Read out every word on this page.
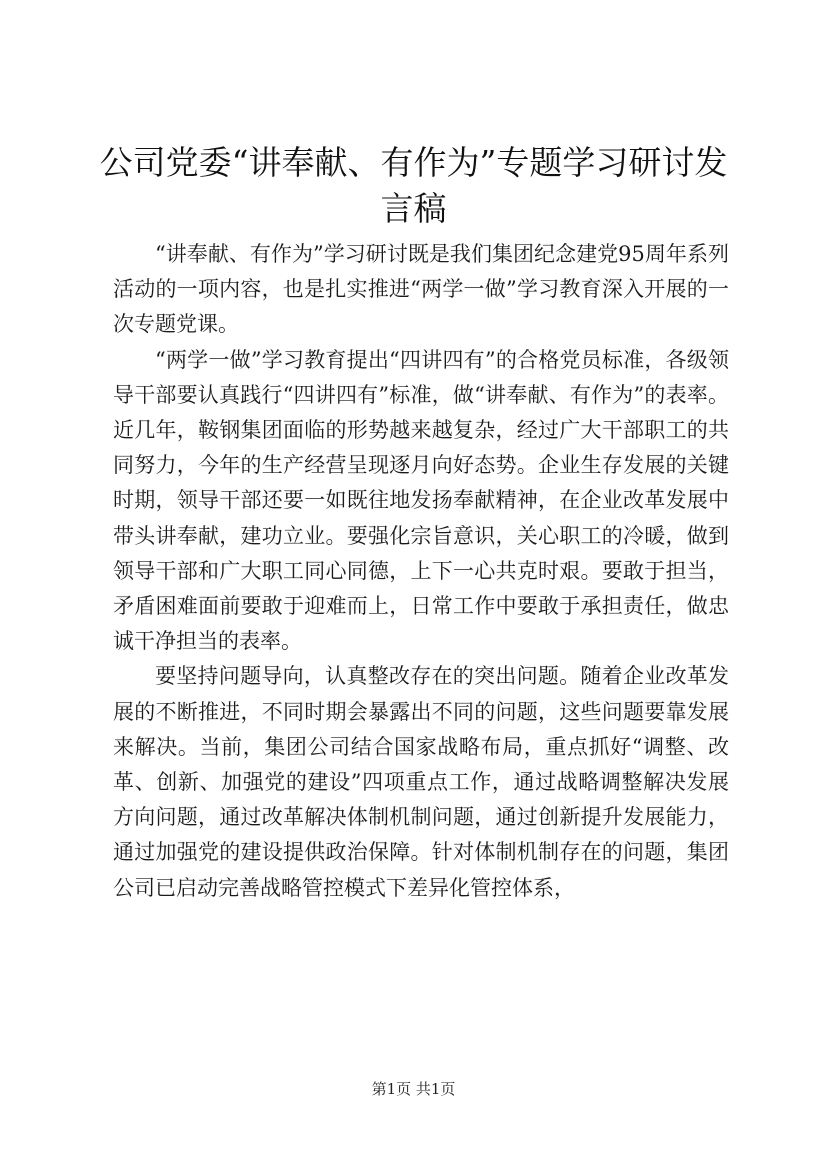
公司党委“讲奉献、有作为”专题学习研讨发言稿

“讲奉献、有作为”学习研讨既是我们集团纪念建党95周年系列活动的一项内容，也是扎实推进“两学一做”学习教育深入开展的一次专题党课。

“两学一做”学习教育提出“四讲四有”的合格党员标准，各级领导干部要认真践行“四讲四有”标准，做“讲奉献、有作为”的表率。近几年，鞍钢集团面临的形势越来越复杂，经过广大干部职工的共同努力，今年的生产经营呈现逐月向好态势。企业生存发展的关键时期，领导干部还要一如既往地发扬奉献精神，在企业改革发展中带头讲奉献，建功立业。要强化宗旨意识，关心职工的冷暖，做到领导干部和广大职工同心同德，上下一心共克时艰。要敢于担当，矛盾困难面前要敢于迎难而上，日常工作中要敢于承担责任，做忠诚干净担当的表率。

要坚持问题导向，认真整改存在的突出问题。随着企业改革发展的不断推进，不同时期会暴露出不同的问题，这些问题要靠发展来解决。当前，集团公司结合国家战略布局，重点抓好“调整、改革、创新、加强党的建设”四项重点工作，通过战略调整解决发展方向问题，通过改革解决体制机制问题，通过创新提升发展能力，通过加强党的建设提供政治保障。针对体制机制存在的问题，集团公司已启动完善战略管控模式下差异化管控体系，

第1页 共1页
